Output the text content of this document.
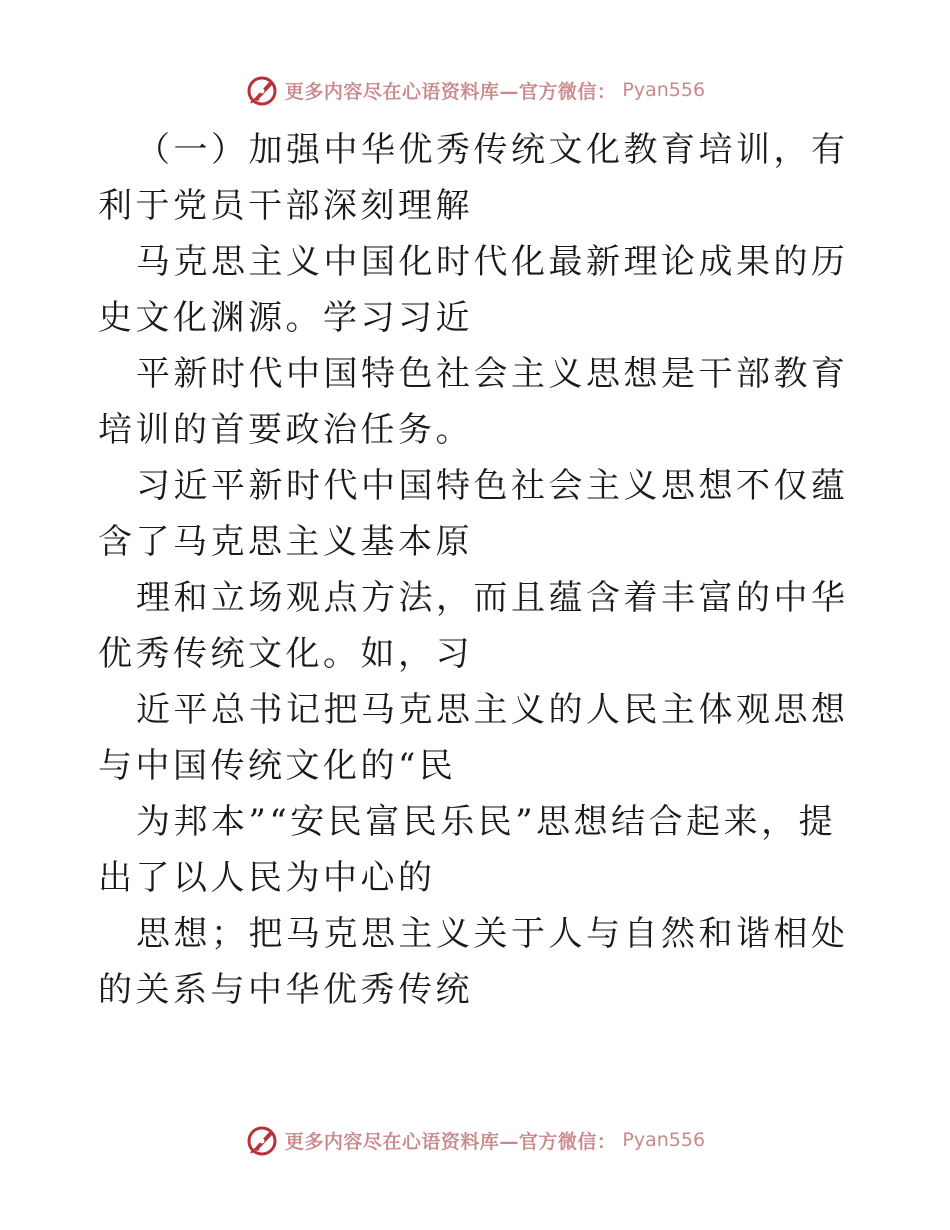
更多内容尽在心语资料库—官方微信： Pyan556

（一）加强中华优秀传统文化教育培训，有利于党员干部深刻理解

马克思主义中国化时代化最新理论成果的历史文化渊源。学习习近

平新时代中国特色社会主义思想是干部教育培训的首要政治任务。

习近平新时代中国特色社会主义思想不仅蕴含了马克思主义基本原

理和立场观点方法，而且蕴含着丰富的中华优秀传统文化。如，习

近平总书记把马克思主义的人民主体观思想与中国传统文化的“民

为邦本”“安民富民乐民”思想结合起来，提出了以人民为中心的

思想；把马克思主义关于人与自然和谐相处的关系与中华优秀传统

更多内容尽在心语资料库—官方微信： Pyan556
